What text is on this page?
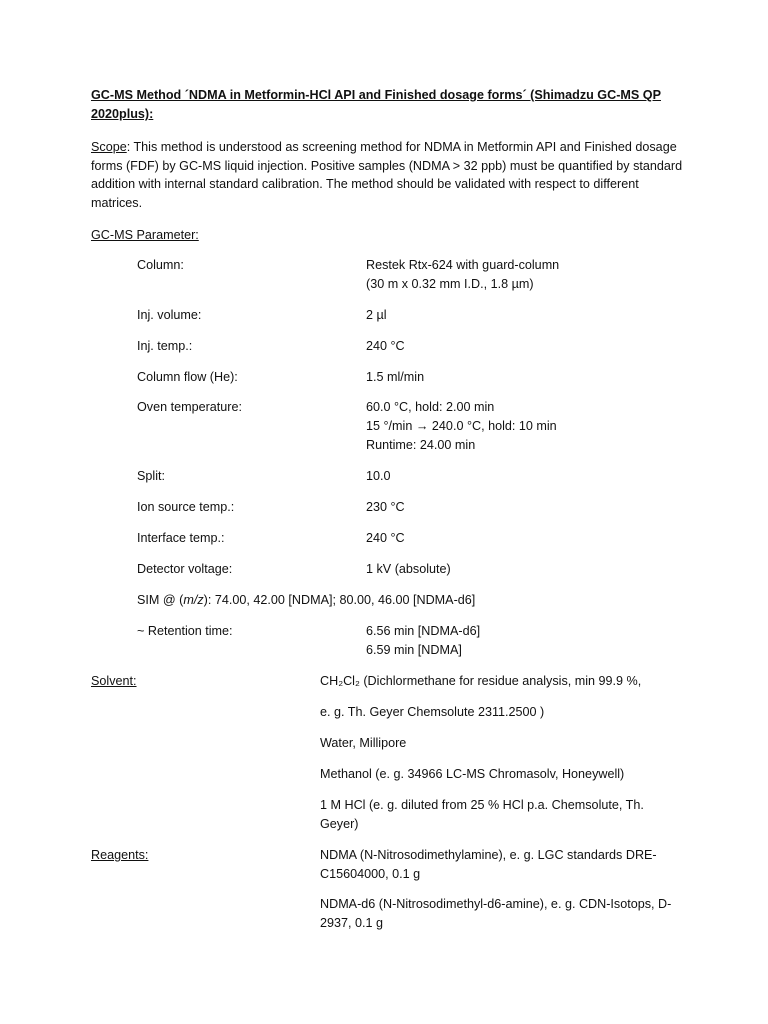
GC-MS Method ´NDMA in Metformin-HCl API and Finished dosage forms´ (Shimadzu GC-MS QP 2020plus):
Scope: This method is understood as screening method for NDMA in Metformin API and Finished dosage forms (FDF) by GC-MS liquid injection. Positive samples (NDMA > 32 ppb) must be quantified by standard addition with internal standard calibration. The method should be validated with respect to different matrices.
GC-MS Parameter:
Column:	Restek Rtx-624 with guard-column
(30 m x 0.32 mm I.D., 1.8 µm)
Inj. volume:	2 µl
Inj. temp.:	240 °C
Column flow (He):	1.5 ml/min
Oven temperature:	60.0 °C, hold: 2.00 min
15 °/min → 240.0 °C, hold: 10 min
Runtime: 24.00 min
Split:	10.0
Ion source temp.:	230 °C
Interface temp.:	240 °C
Detector voltage:	1 kV (absolute)
SIM @ (m/z): 74.00, 42.00 [NDMA]; 80.00, 46.00 [NDMA-d6]
~ Retention time:	6.56 min [NDMA-d6]
6.59 min [NDMA]
Solvent:	CH₂Cl₂ (Dichlormethane for residue analysis, min 99.9 %,
e. g. Th. Geyer Chemsolute 2311.2500 )
Water, Millipore
Methanol (e. g. 34966 LC-MS Chromasolv, Honeywell)
1 M HCl (e. g. diluted from 25 % HCl p.a. Chemsolute, Th. Geyer)
Reagents:	NDMA (N-Nitrosodimethylamine), e. g. LGC standards DRE-C15604000, 0.1 g
NDMA-d6 (N-Nitrosodimethyl-d6-amine), e. g. CDN-Isotops, D-2937, 0.1 g
